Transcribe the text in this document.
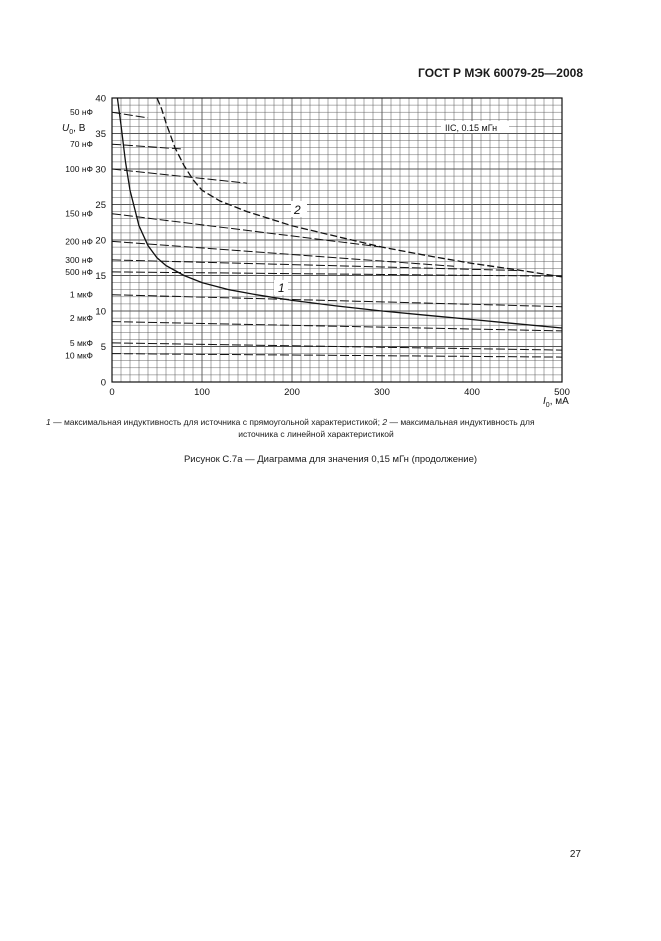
ГОСТ Р МЭК 60079-25—2008
0
5
10
15
20
25
30
35
40
0	100	200	300	400	500
$U_0$, В
$I_0$, мА
50 нФ
70 нФ
100 нФ
150 нФ
200 нФ
300 нФ
500 нФ
1 мкФ
2 мкФ
5 мкФ
10 мкФ
IIC, 0.15 мГн
2
1
1 — максимальная индуктивность для источника с прямоугольной характеристикой; 2 — максимальная индуктивность для
источника с линейной характеристикой
Рисунок С.7а — Диаграмма для значения 0,15 мГн (продолжение)
27
